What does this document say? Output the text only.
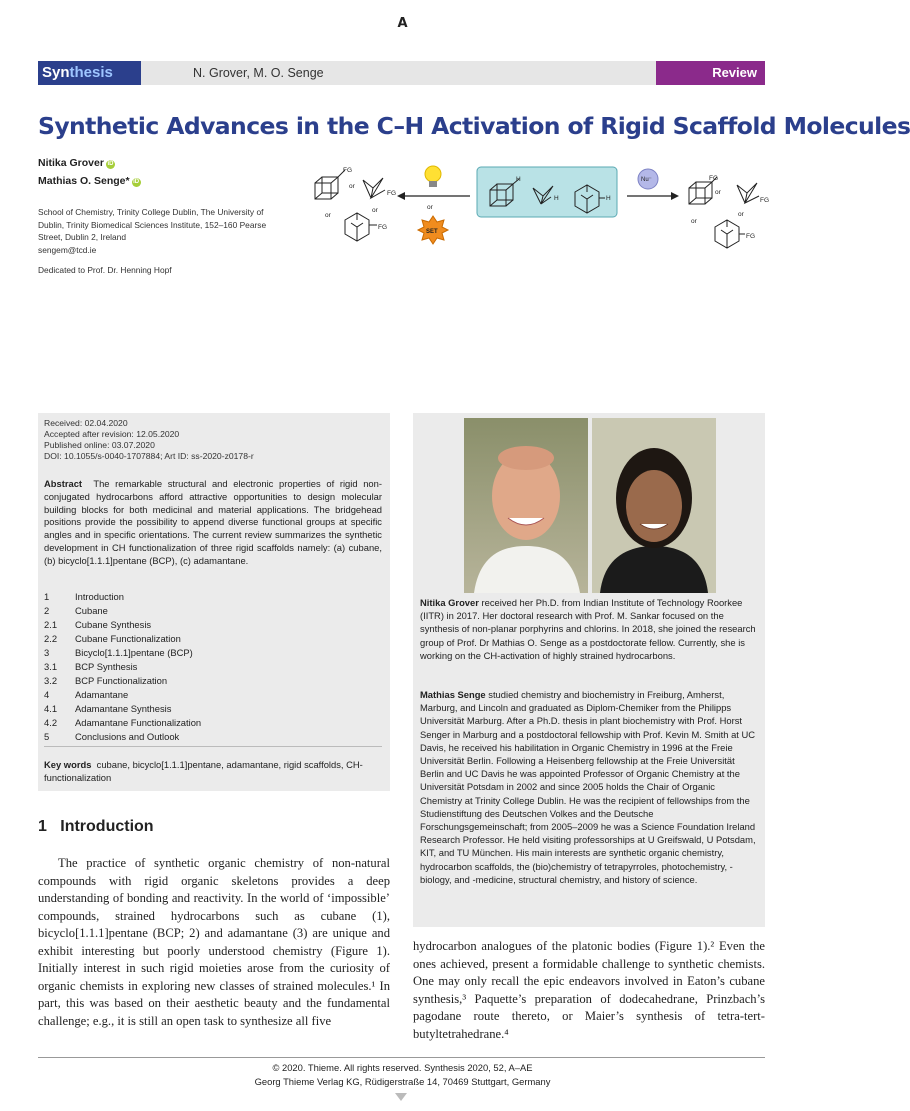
A
Synthesis	N. Grover, M. O. Senge	Review
Synthetic Advances in the C–H Activation of Rigid Scaffold Molecules
Nitika Grover iD
Mathias O. Senge* iD
School of Chemistry, Trinity College Dublin, The University of Dublin, Trinity Biomedical Sciences Institute, 152–160 Pearse Street, Dublin 2, Ireland
sengem@tcd.ie
Dedicated to Prof. Dr. Henning Hopf
FG
FG
FG
or
or
or	or
SET
Nu⁻
H
H	H
FG
FG
FG
or
or
or
Received: 02.04.2020
Accepted after revision: 12.05.2020
Published online: 03.07.2020
DOI: 10.1055/s-0040-1707884; Art ID: ss-2020-z0178-r
Abstract The remarkable structural and electronic properties of rigid non-conjugated hydrocarbons afford attractive opportunities to design molecular building blocks for both medicinal and material applications. The bridgehead positions provide the possibility to append diverse functional groups at specific angles and in specific orientations. The current review summarizes the synthetic development in CH functionalization of three rigid scaffolds namely: (a) cubane, (b) bicyclo[1.1.1]pentane (BCP), (c) adamantane.
1	Introduction
2	Cubane
2.1	Cubane Synthesis
2.2	Cubane Functionalization
3	Bicyclo[1.1.1]pentane (BCP)
3.1	BCP Synthesis
3.2	BCP Functionalization
4	Adamantane
4.1	Adamantane Synthesis
4.2	Adamantane Functionalization
5	Conclusions and Outlook
Key words cubane, bicyclo[1.1.1]pentane, adamantane, rigid scaffolds, CH-functionalization
1 Introduction
The practice of synthetic organic chemistry of non-natural compounds with rigid organic skeletons provides a deep understanding of bonding and reactivity. In the world of ‘impossible’ compounds, strained hydrocarbons such as cubane (1), bicyclo[1.1.1]pentane (BCP; 2) and adamantane (3) are unique and exhibit interesting but poorly understood chemistry (Figure 1). Initially interest in such rigid moieties arose from the curiosity of organic chemists in exploring new classes of strained molecules.¹ In part, this was based on their aesthetic beauty and the fundamental challenge; e.g., it is still an open task to synthesize all five
Nitika Grover received her Ph.D. from Indian Institute of Technology Roorkee (IITR) in 2017. Her doctoral research with Prof. M. Sankar focused on the synthesis of non-planar porphyrins and chlorins. In 2018, she joined the research group of Prof. Dr Mathias O. Senge as a postdoctorate fellow. Currently, she is working on the CH-activation of highly strained hydrocarbons.
Mathias Senge studied chemistry and biochemistry in Freiburg, Amherst, Marburg, and Lincoln and graduated as Diplom-Chemiker from the Philipps Universität Marburg. After a Ph.D. thesis in plant biochemistry with Prof. Horst Senger in Marburg and a postdoctoral fellowship with Prof. Kevin M. Smith at UC Davis, he received his habilitation in Organic Chemistry in 1996 at the Freie Universität Berlin. Following a Heisenberg fellowship at the Freie Universität Berlin and UC Davis he was appointed Professor of Organic Chemistry at the Universität Potsdam in 2002 and since 2005 holds the Chair of Organic Chemistry at Trinity College Dublin. He was the recipient of fellowships from the Studienstiftung des Deutschen Volkes and the Deutsche Forschungsgemeinschaft; from 2005–2009 he was a Science Foundation Ireland Research Professor. He held visiting professorships at U Greifswald, U Potsdam, KIT, and TU München. His main interests are synthetic organic chemistry, hydrocarbon scaffolds, the (bio)chemistry of tetrapyrroles, photochemistry, -biology, and -medicine, structural chemistry, and history of science.
hydrocarbon analogues of the platonic bodies (Figure 1).² Even the ones achieved, present a formidable challenge to synthetic chemists. One may only recall the epic endeavors involved in Eaton’s cubane synthesis,³ Paquette’s preparation of dodecahedrane, Prinzbach’s pagodane route thereto, or Maier’s synthesis of tetra-tert-butyltetrahedrane.⁴
© 2020. Thieme. All rights reserved. Synthesis 2020, 52, A–AE
Georg Thieme Verlag KG, Rüdigerstraße 14, 70469 Stuttgart, Germany
